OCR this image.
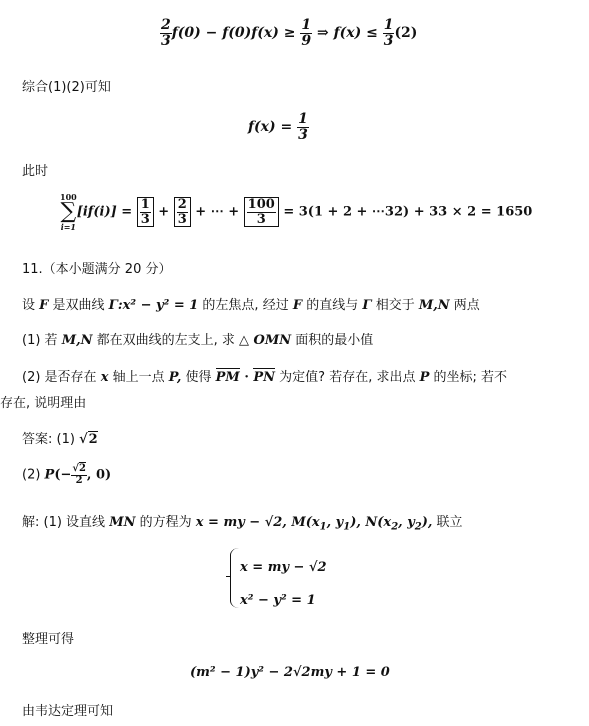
$\frac{2}{3} f(0) - f(0)f(x) \ge \frac{1}{9}$ ⇒ $f(x) \le \frac{1}{3} (2)$
综合(1)(2)可知
$f(x) = \frac{1}{3}$
此时
100
∑
i=1
$[if(i)] = \frac{1}{3} + \frac{2}{3}$ + ⋯ + $\frac{100}{3} = 3(1 + 2$ + ⋯32) + 33 × 2 = 1650
11.（本小题满分 20 分）
设 F 是双曲线 Γ:x² − y² = 1 的左焦点, 经过 F 的直线与 Γ 相交于 M,N 两点
(1) 若 M,N 都在双曲线的左支上, 求 △ OMN 面积的最小值
(2) 是否存在 x 轴上一点 P, 使得 PM · PN 为定值? 若存在, 求出点 P 的坐标; 若不
存在, 说明理由
答案: (1) √2
(2) $P(- \frac{√2}{2}$ , 0)
解: (1) 设直线 MN 的方程为 x = my − √2, $M(x_1$, $y_1$), $N(x_2$, $y_2$), 联立
x = my − √2
x² − y² = 1
整理可得
(m² − 1)y² − 2√2my + 1 = 0
由韦达定理可知
